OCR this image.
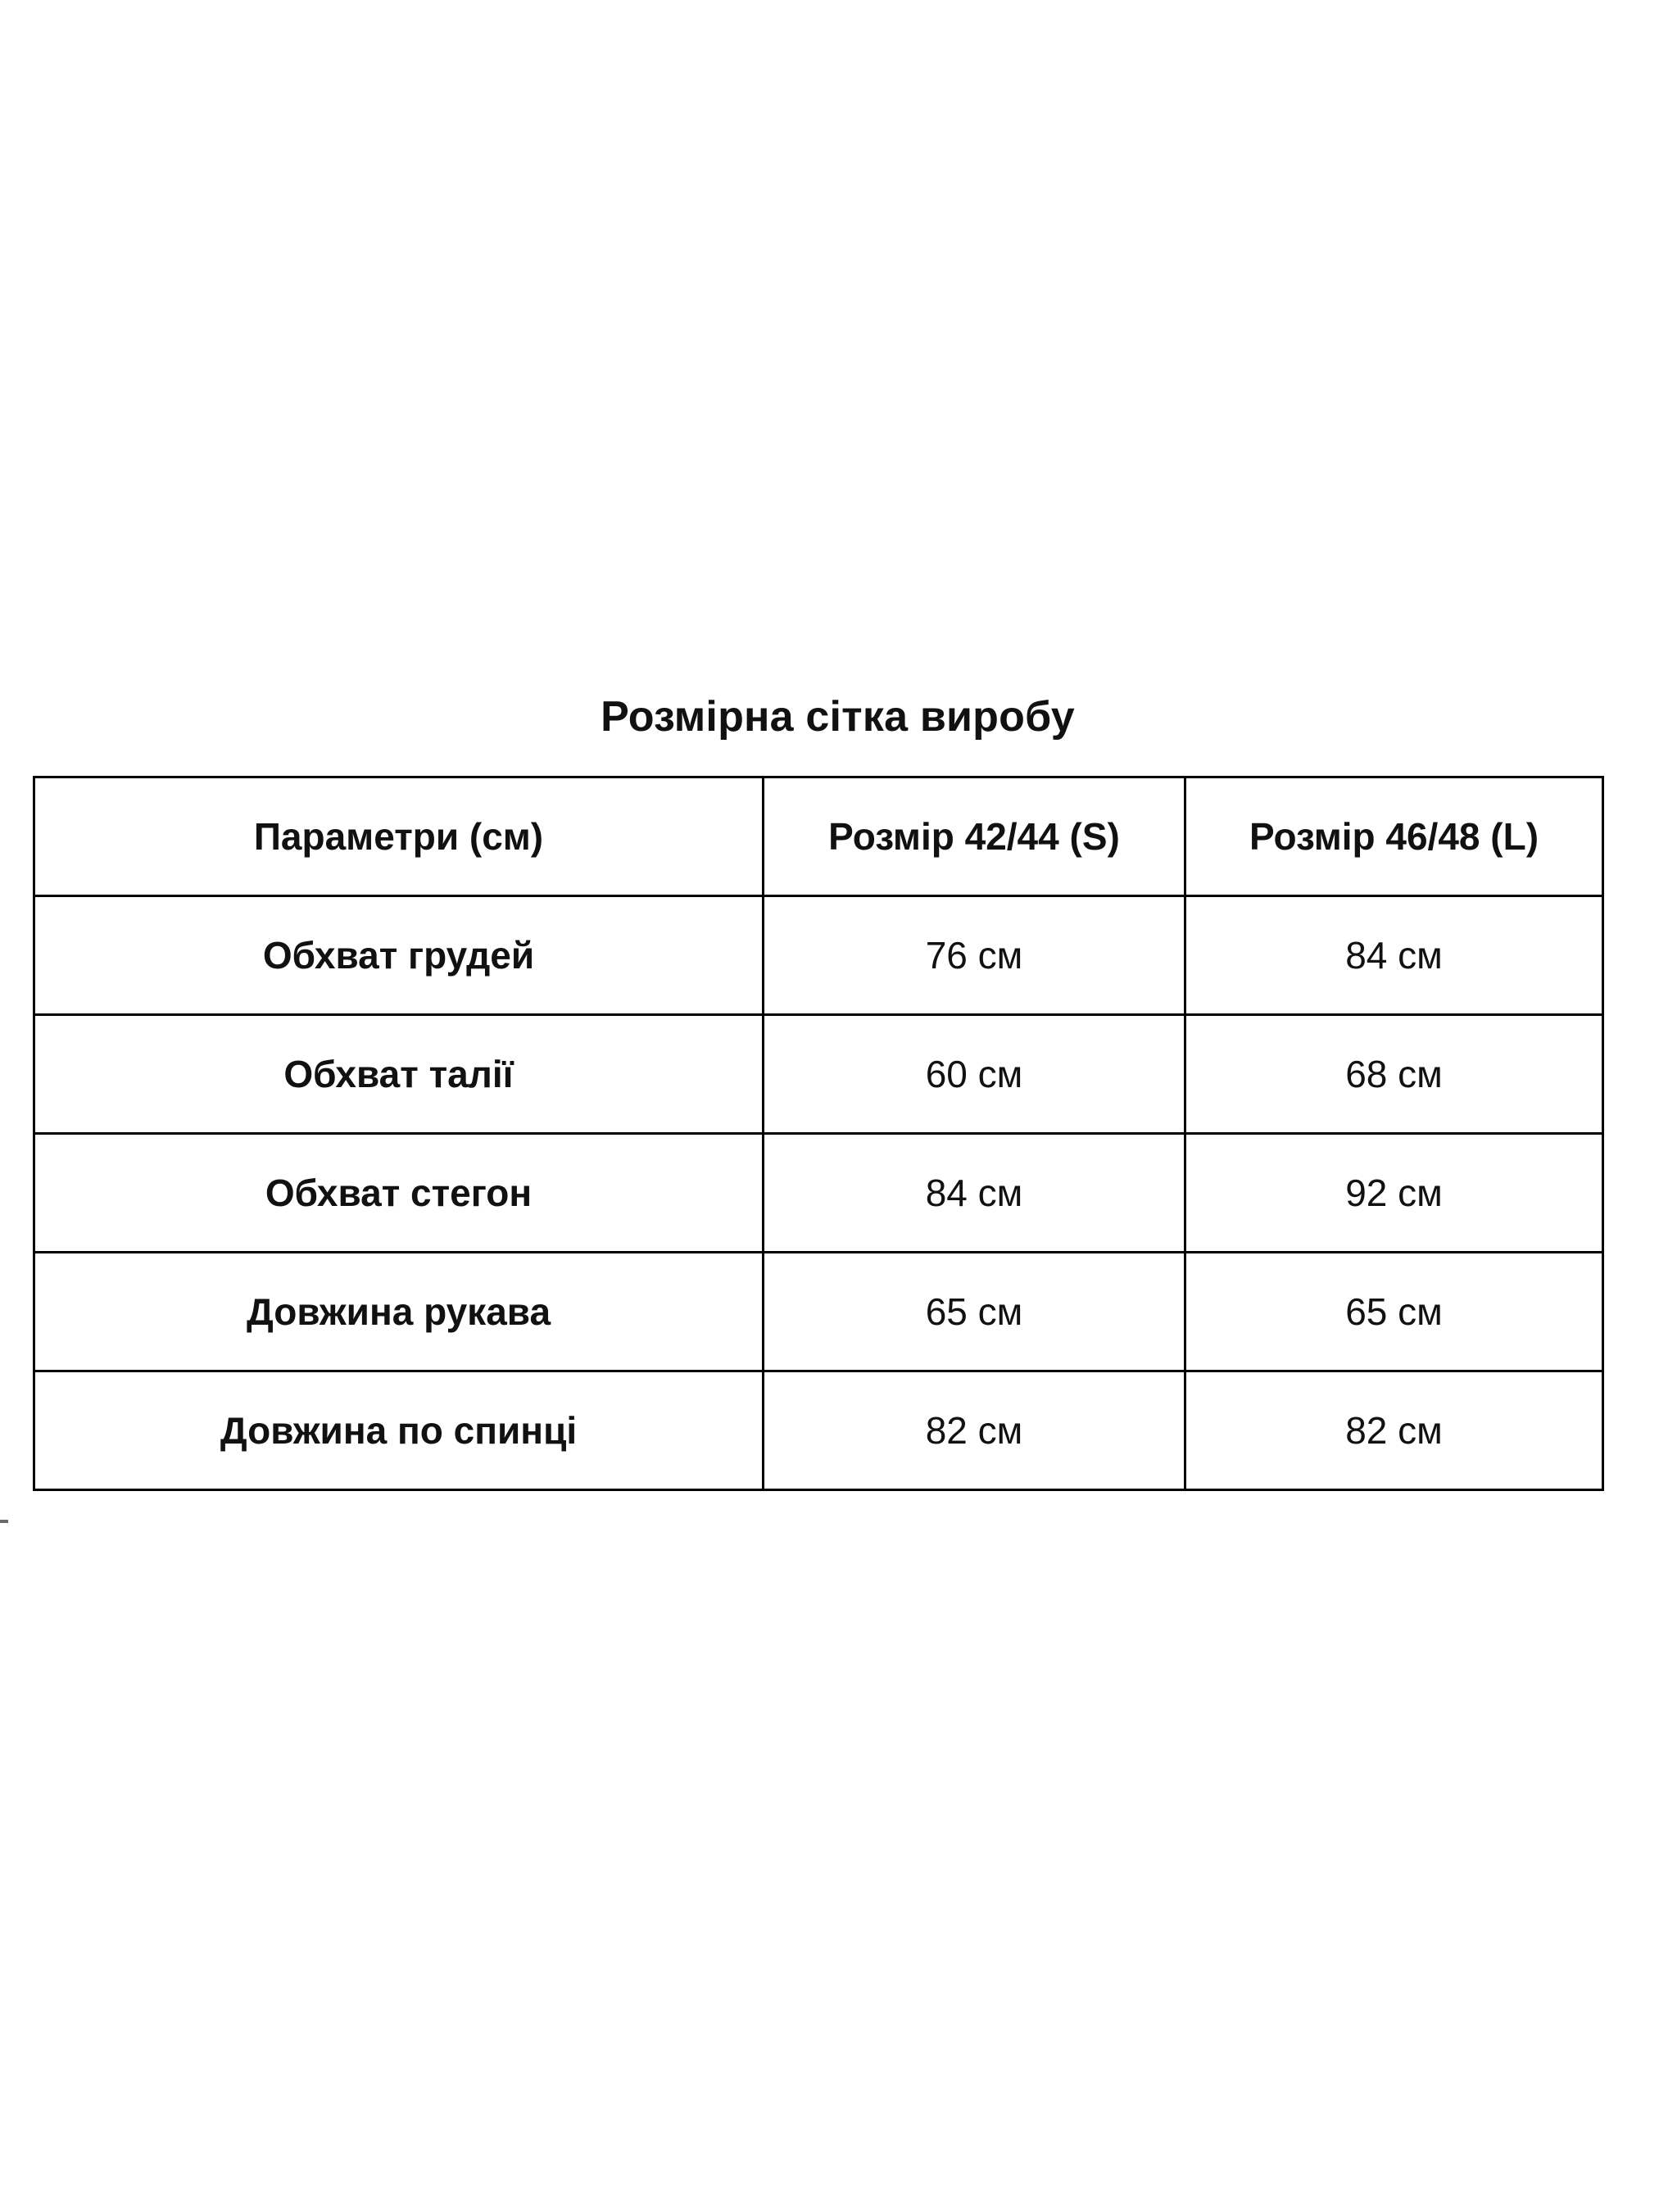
Розмірна сітка виробу
Параметри (см)	Розмір 42/44 (S)	Розмір 46/48 (L)
Обхват грудей	76 см	84 см
Обхват талії	60 см	68 см
Обхват стегон	84 см	92 см
Довжина рукава	65 см	65 см
Довжина по спинці	82 см	82 см
